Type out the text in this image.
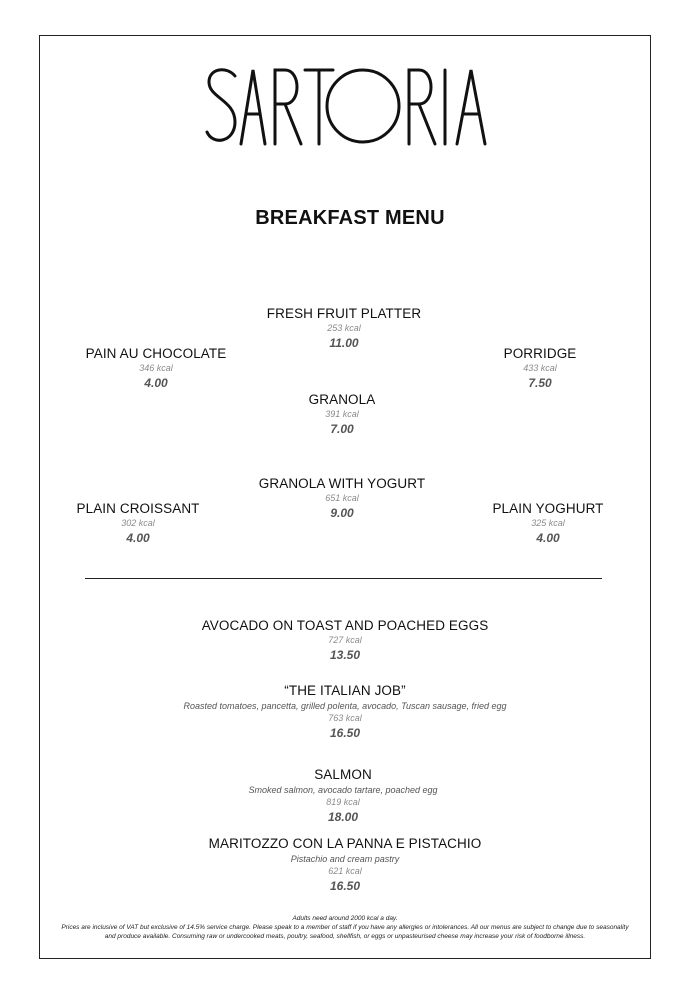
BREAKFAST MENU
FRESH FRUIT PLATTER
253 kcal
11.00
PAIN AU CHOCOLATE
346 kcal
4.00
PORRIDGE
433 kcal
7.50
GRANOLA
391 kcal
7.00
GRANOLA WITH YOGURT
651 kcal
9.00
PLAIN CROISSANT
302 kcal
4.00
PLAIN YOGHURT
325 kcal
4.00
AVOCADO ON TOAST AND POACHED EGGS
727 kcal
13.50
“THE ITALIAN JOB”
Roasted tomatoes, pancetta, grilled polenta, avocado, Tuscan sausage, fried egg
763 kcal
16.50
SALMON
Smoked salmon, avocado tartare, poached egg
819 kcal
18.00
MARITOZZO CON LA PANNA E PISTACHIO
Pistachio and cream pastry
621 kcal
16.50
Adults need around 2000 kcal a day.
Prices are inclusive of VAT but exclusive of 14.5% service charge. Please speak to a member of staff if you have any allergies or intolerances. All our menus are subject to change due to seasonality and produce available. Consuming raw or undercooked meats, poultry, seafood, shellfish, or eggs or unpasteurised cheese may increase your risk of foodborne illness.
